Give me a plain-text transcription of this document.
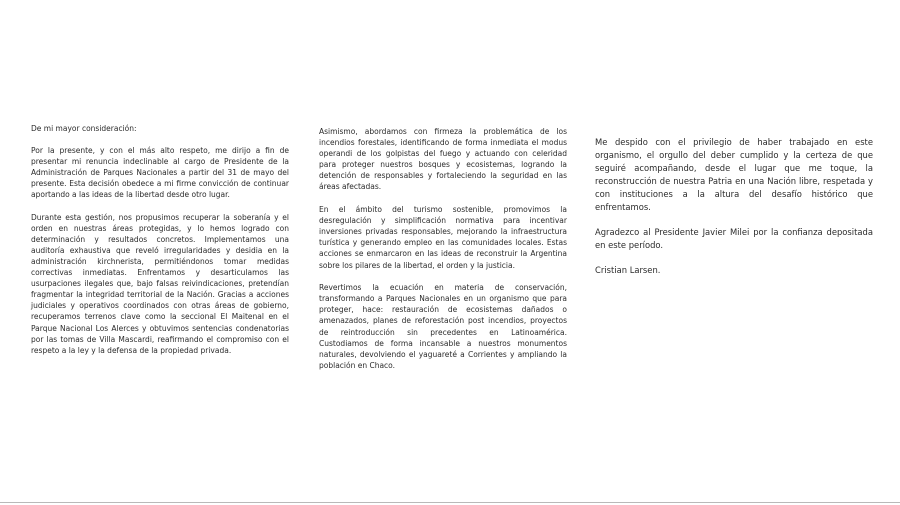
De mi mayor consideración:

Por la presente, y con el más alto respeto, me dirijo a fin de presentar mi renuncia indeclinable al cargo de Presidente de la Administración de Parques Nacionales a partir del 31 de mayo del presente. Esta decisión obedece a mi firme convicción de continuar aportando a las ideas de la libertad desde otro lugar.

Durante esta gestión, nos propusimos recuperar la soberanía y el orden en nuestras áreas protegidas, y lo hemos logrado con determinación y resultados concretos. Implementamos una auditoría exhaustiva que reveló irregularidades y desidia en la administración kirchnerista, permitiéndonos tomar medidas correctivas inmediatas. Enfrentamos y desarticulamos las usurpaciones ilegales que, bajo falsas reivindicaciones, pretendían fragmentar la integridad territorial de la Nación. Gracias a acciones judiciales y operativos coordinados con otras áreas de gobierno, recuperamos terrenos clave como la seccional El Maitenal en el Parque Nacional Los Alerces y obtuvimos sentencias condenatorias por las tomas de Villa Mascardi, reafirmando el compromiso con el respeto a la ley y la defensa de la propiedad privada.

Asimismo, abordamos con firmeza la problemática de los incendios forestales, identificando de forma inmediata el modus operandi de los golpistas del fuego y actuando con celeridad para proteger nuestros bosques y ecosistemas, logrando la detención de responsables y fortaleciendo la seguridad en las áreas afectadas.

En el ámbito del turismo sostenible, promovimos la desregulación y simplificación normativa para incentivar inversiones privadas responsables, mejorando la infraestructura turística y generando empleo en las comunidades locales. Estas acciones se enmarcaron en las ideas de reconstruir la Argentina sobre los pilares de la libertad, el orden y la justicia.

Revertimos la ecuación en materia de conservación, transformando a Parques Nacionales en un organismo que para proteger, hace: restauración de ecosistemas dañados o amenazados, planes de reforestación post incendios, proyectos de reintroducción sin precedentes en Latinoamérica. Custodiamos de forma incansable a nuestros monumentos naturales, devolviendo el yaguareté a Corrientes y ampliando la población en Chaco.

Me despido con el privilegio de haber trabajado en este organismo, el orgullo del deber cumplido y la certeza de que seguiré acompañando, desde el lugar que me toque, la reconstrucción de nuestra Patria en una Nación libre, respetada y con instituciones a la altura del desafío histórico que enfrentamos.

Agradezco al Presidente Javier Milei por la confianza depositada en este período.

Cristian Larsen.
